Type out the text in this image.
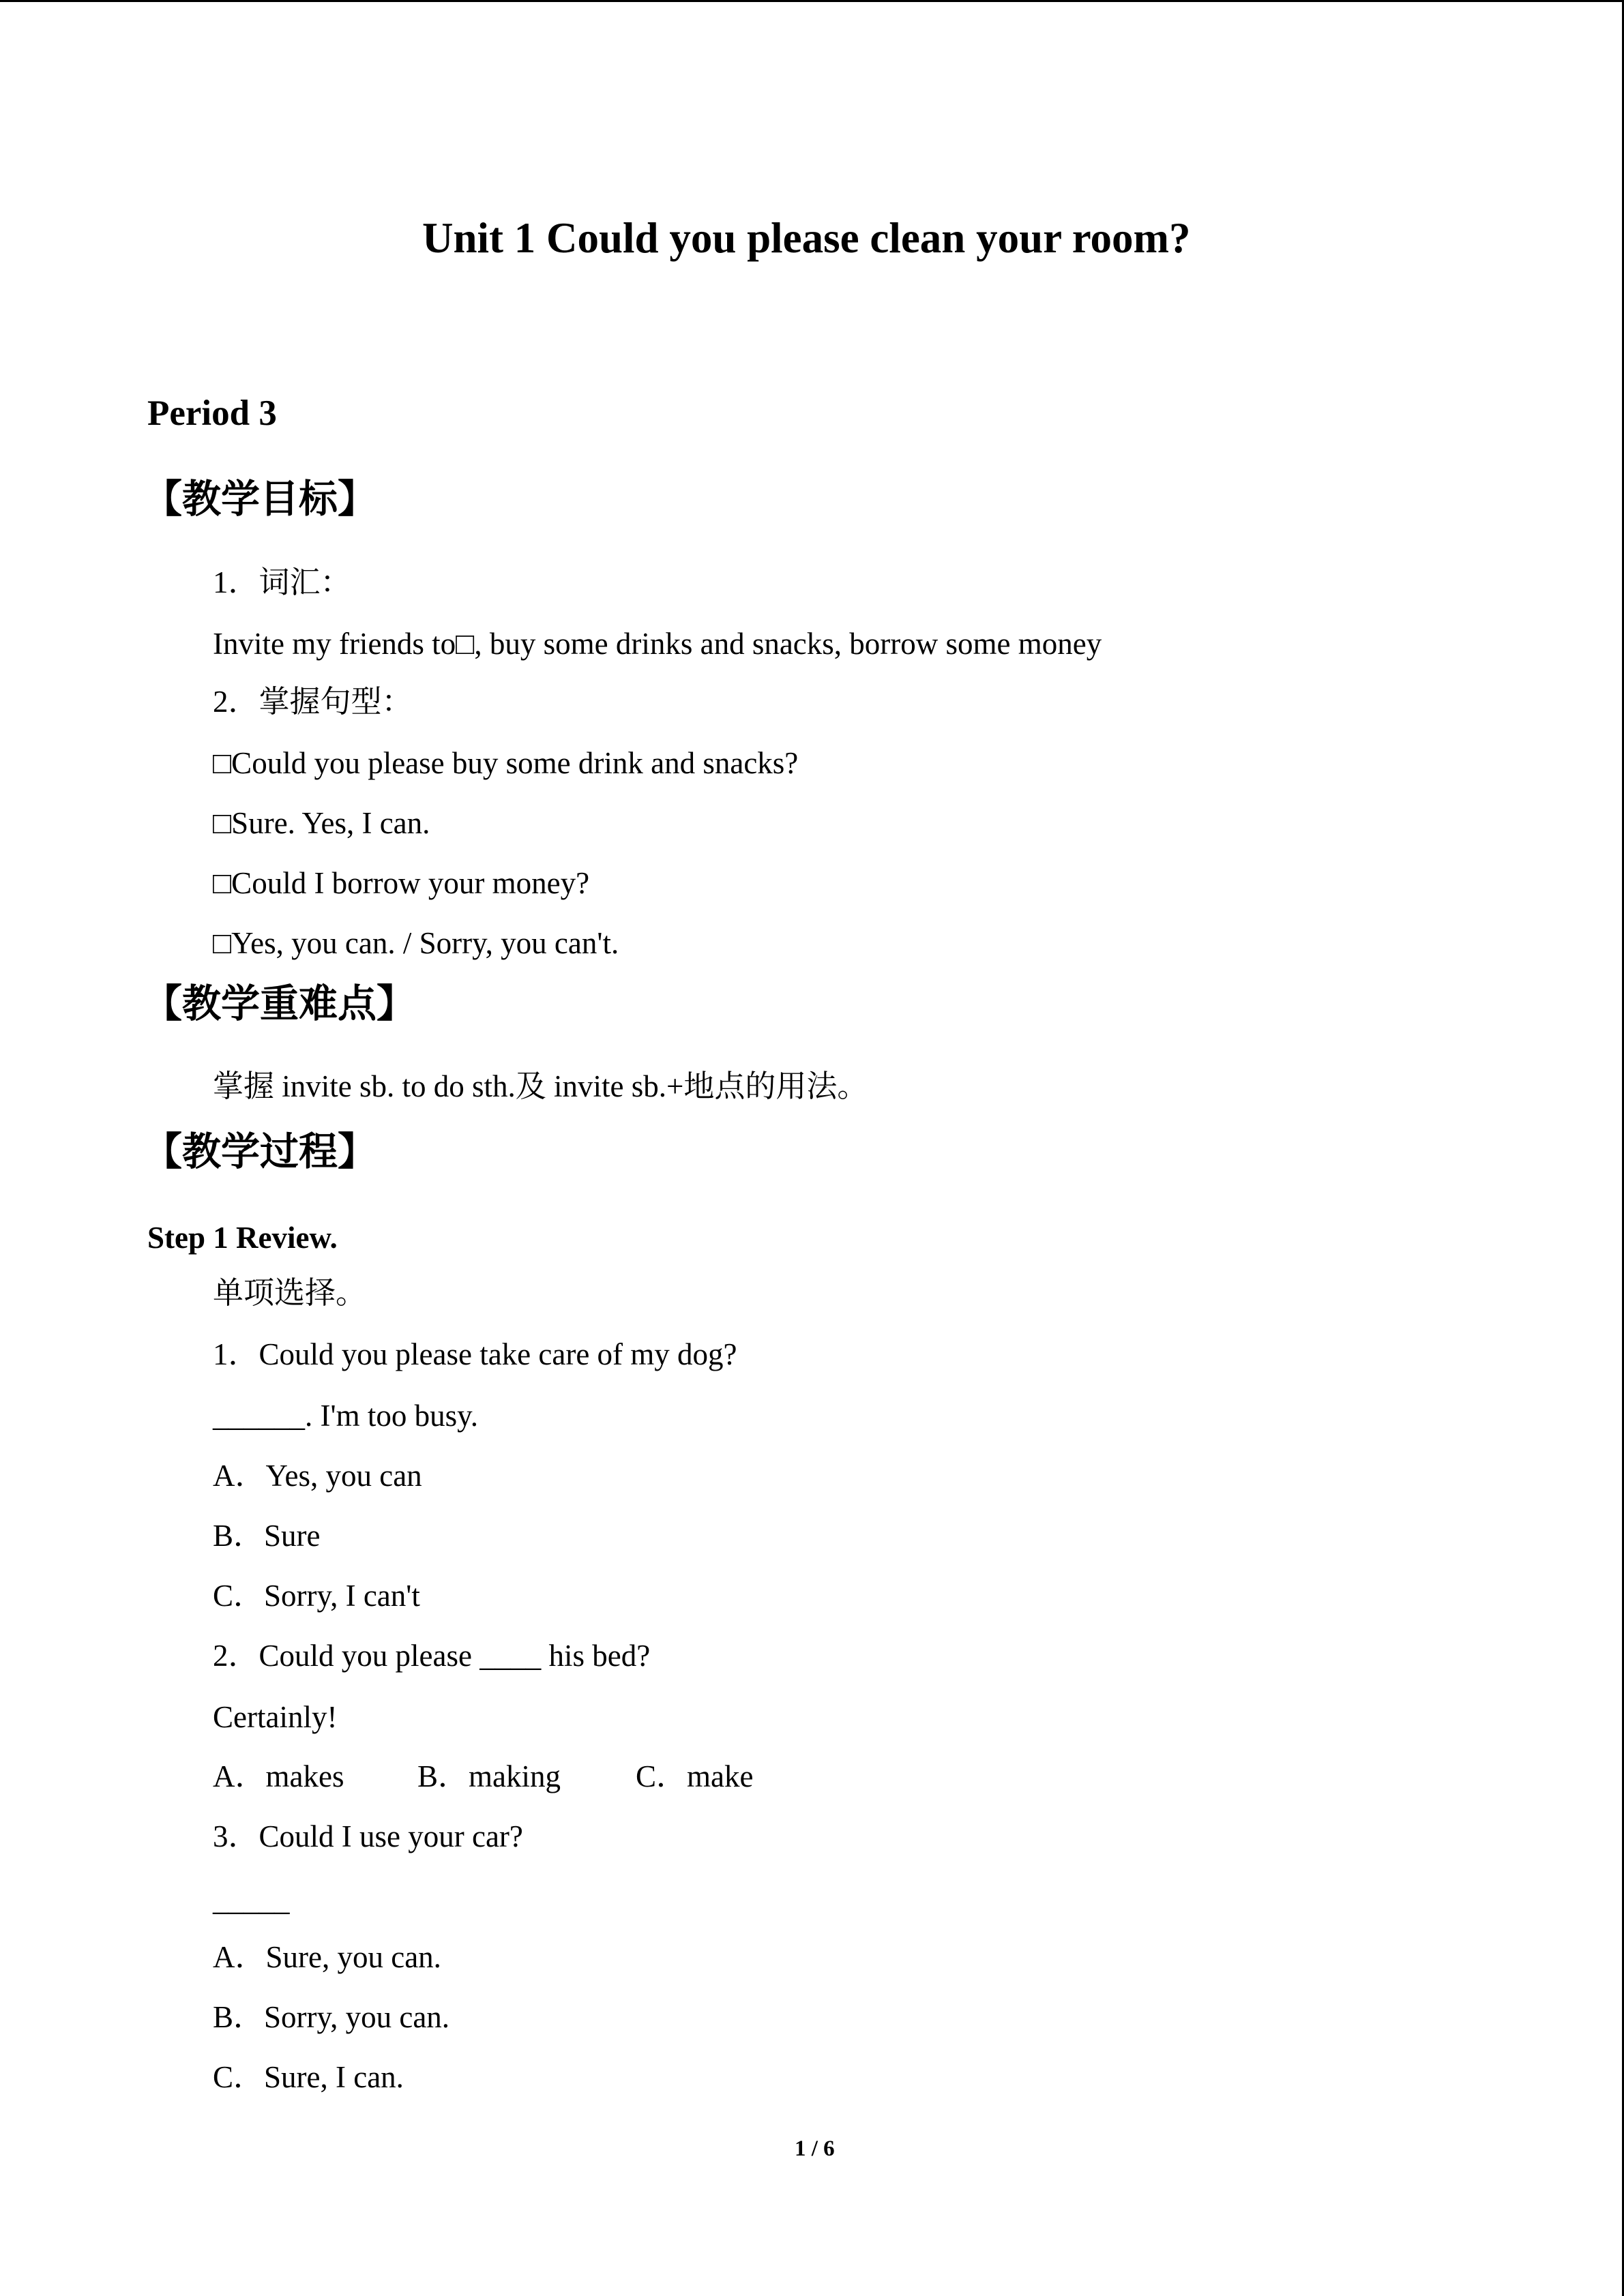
Unit 1 Could you please clean your room?
Period 3
【教学目标】
1．词汇：
Invite my friends to□, buy some drinks and snacks, borrow some money
2．掌握句型：
□Could you please buy some drink and snacks?
□Sure. Yes, I can.
□Could I borrow your money?
□Yes, you can. / Sorry, you can't.
【教学重难点】
掌握 invite sb. to do sth.及 invite sb.+地点的用法。
【教学过程】
Step 1 Review.
单项选择。
1．Could you please take care of my dog?
______. I'm too busy.
A．Yes, you can
B．Sure
C．Sorry, I can't
2．Could you please ____ his bed?
Certainly!
A．makes B．making C．make
3．Could I use your car?
_____
A．Sure, you can.
B．Sorry, you can.
C．Sure, I can.
1 / 6
